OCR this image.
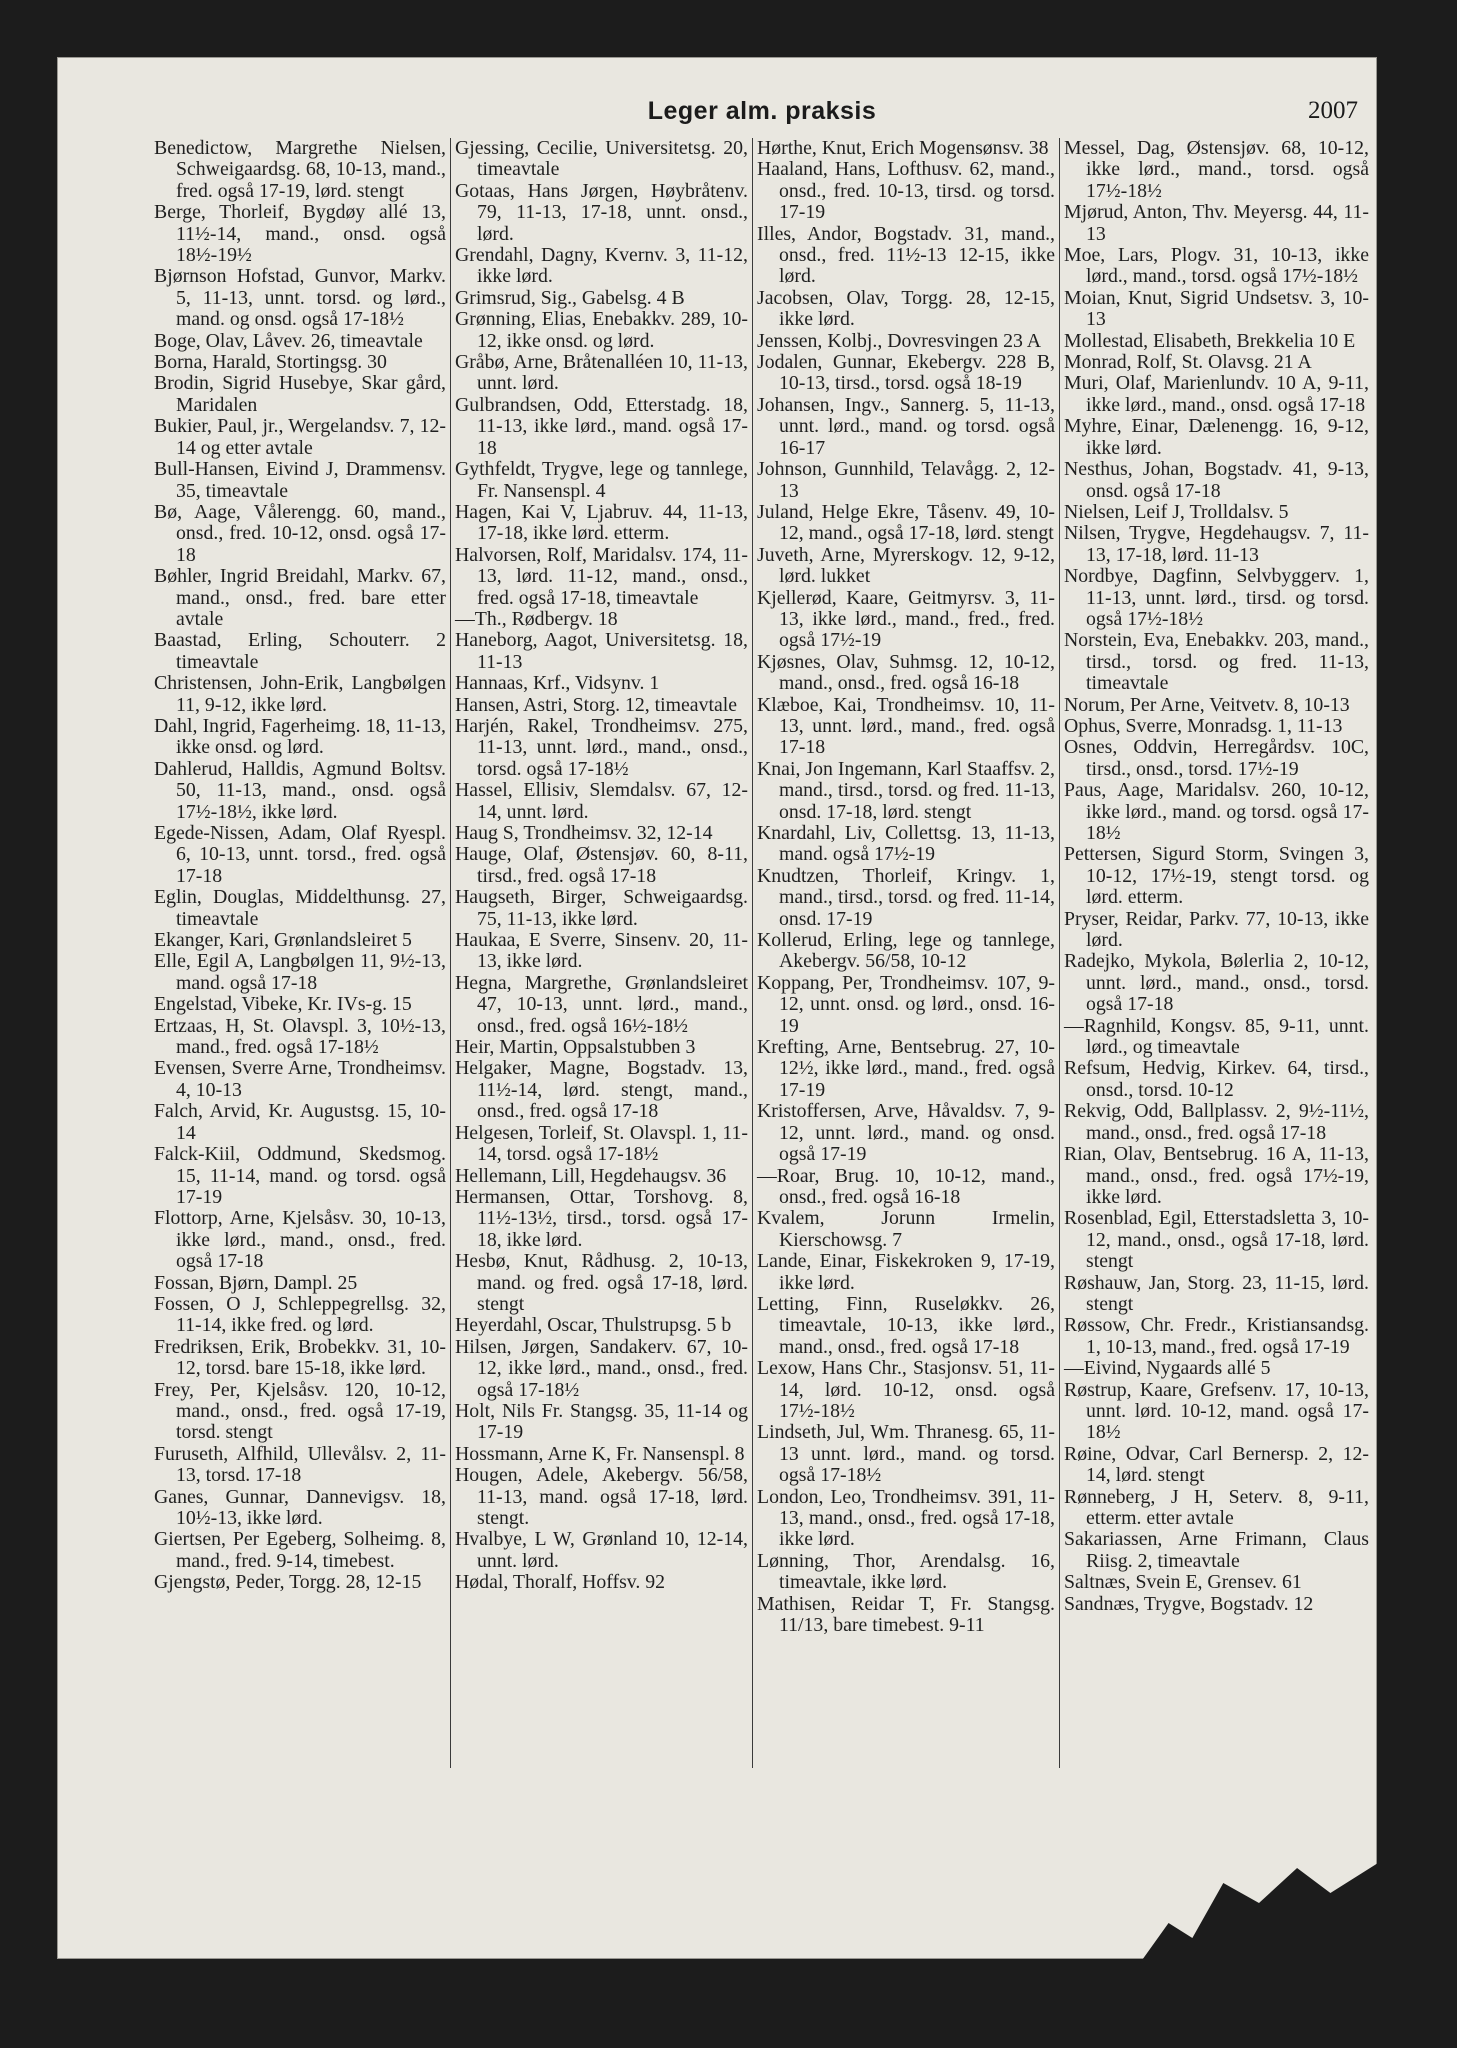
Leger alm. praksis	2007

Benedictow, Margrethe Nielsen, Schweigaardsg. 68, 10-13, mand., fred. også 17-19, lørd. stengt

Berge, Thorleif, Bygdøy allé 13, 11½-14, mand., onsd. også 18½-19½

Bjørnson Hofstad, Gunvor, Markv. 5, 11-13, unnt. torsd. og lørd., mand. og onsd. også 17-18½

Boge, Olav, Låvev. 26, timeavtale

Borna, Harald, Stortingsg. 30

Brodin, Sigrid Husebye, Skar gård, Maridalen

Bukier, Paul, jr., Wergelandsv. 7, 12-14 og etter avtale

Bull-Hansen, Eivind J, Drammensv. 35, timeavtale

Bø, Aage, Vålerengg. 60, mand., onsd., fred. 10-12, onsd. også 17-18

Bøhler, Ingrid Breidahl, Markv. 67, mand., onsd., fred. bare etter avtale

Baastad, Erling, Schouterr. 2 timeavtale

Christensen, John-Erik, Langbølgen 11, 9-12, ikke lørd.

Dahl, Ingrid, Fagerheimg. 18, 11-13, ikke onsd. og lørd.

Dahlerud, Halldis, Agmund Boltsv. 50, 11-13, mand., onsd. også 17½-18½, ikke lørd.

Egede-Nissen, Adam, Olaf Ryespl. 6, 10-13, unnt. torsd., fred. også 17-18

Eglin, Douglas, Middelthunsg. 27, timeavtale

Ekanger, Kari, Grønlandsleiret 5

Elle, Egil A, Langbølgen 11, 9½-13, mand. også 17-18

Engelstad, Vibeke, Kr. IVs-g. 15

Ertzaas, H, St. Olavspl. 3, 10½-13, mand., fred. også 17-18½

Evensen, Sverre Arne, Trondheimsv. 4, 10-13

Falch, Arvid, Kr. Augustsg. 15, 10-14

Falck-Kiil, Oddmund, Skedsmog. 15, 11-14, mand. og torsd. også 17-19

Flottorp, Arne, Kjelsåsv. 30, 10-13, ikke lørd., mand., onsd., fred. også 17-18

Fossan, Bjørn, Dampl. 25

Fossen, O J, Schleppegrellsg. 32, 11-14, ikke fred. og lørd.

Fredriksen, Erik, Brobekkv. 31, 10-12, torsd. bare 15-18, ikke lørd.

Frey, Per, Kjelsåsv. 120, 10-12, mand., onsd., fred. også 17-19, torsd. stengt

Furuseth, Alfhild, Ullevålsv. 2, 11-13, torsd. 17-18

Ganes, Gunnar, Dannevigsv. 18, 10½-13, ikke lørd.

Giertsen, Per Egeberg, Solheimg. 8, mand., fred. 9-14, timebest.

Gjengstø, Peder, Torgg. 28, 12-15

Gjessing, Cecilie, Universitetsg. 20, timeavtale

Gotaas, Hans Jørgen, Høybråtenv. 79, 11-13, 17-18, unnt. onsd., lørd.

Grendahl, Dagny, Kvernv. 3, 11-12, ikke lørd.

Grimsrud, Sig., Gabelsg. 4 B

Grønning, Elias, Enebakkv. 289, 10-12, ikke onsd. og lørd.

Gråbø, Arne, Bråtenalléen 10, 11-13, unnt. lørd.

Gulbrandsen, Odd, Etterstadg. 18, 11-13, ikke lørd., mand. også 17-18

Gythfeldt, Trygve, lege og tannlege, Fr. Nansenspl. 4

Hagen, Kai V, Ljabruv. 44, 11-13, 17-18, ikke lørd. etterm.

Halvorsen, Rolf, Maridalsv. 174, 11-13, lørd. 11-12, mand., onsd., fred. også 17-18, timeavtale

—Th., Rødbergv. 18

Haneborg, Aagot, Universitetsg. 18, 11-13

Hannaas, Krf., Vidsynv. 1

Hansen, Astri, Storg. 12, timeavtale

Harjén, Rakel, Trondheimsv. 275, 11-13, unnt. lørd., mand., onsd., torsd. også 17-18½

Hassel, Ellisiv, Slemdalsv. 67, 12-14, unnt. lørd.

Haug S, Trondheimsv. 32, 12-14

Hauge, Olaf, Østensjøv. 60, 8-11, tirsd., fred. også 17-18

Haugseth, Birger, Schweigaardsg. 75, 11-13, ikke lørd.

Haukaa, E Sverre, Sinsenv. 20, 11-13, ikke lørd.

Hegna, Margrethe, Grønlandsleiret 47, 10-13, unnt. lørd., mand., onsd., fred. også 16½-18½

Heir, Martin, Oppsalstubben 3

Helgaker, Magne, Bogstadv. 13, 11½-14, lørd. stengt, mand., onsd., fred. også 17-18

Helgesen, Torleif, St. Olavspl. 1, 11-14, torsd. også 17-18½

Hellemann, Lill, Hegdehaugsv. 36

Hermansen, Ottar, Torshovg. 8, 11½-13½, tirsd., torsd. også 17-18, ikke lørd.

Hesbø, Knut, Rådhusg. 2, 10-13, mand. og fred. også 17-18, lørd. stengt

Heyerdahl, Oscar, Thulstrupsg. 5 b

Hilsen, Jørgen, Sandakerv. 67, 10-12, ikke lørd., mand., onsd., fred. også 17-18½

Holt, Nils Fr. Stangsg. 35, 11-14 og 17-19

Hossmann, Arne K, Fr. Nansenspl. 8

Hougen, Adele, Akebergv. 56/58, 11-13, mand. også 17-18, lørd. stengt.

Hvalbye, L W, Grønland 10, 12-14, unnt. lørd.

Hødal, Thoralf, Hoffsv. 92

Hørthe, Knut, Erich Mogensønsv. 38

Haaland, Hans, Lofthusv. 62, mand., onsd., fred. 10-13, tirsd. og torsd. 17-19

Illes, Andor, Bogstadv. 31, mand., onsd., fred. 11½-13 12-15, ikke lørd.

Jacobsen, Olav, Torgg. 28, 12-15, ikke lørd.

Jenssen, Kolbj., Dovresvingen 23 A

Jodalen, Gunnar, Ekebergv. 228 B, 10-13, tirsd., torsd. også 18-19

Johansen, Ingv., Sannerg. 5, 11-13, unnt. lørd., mand. og torsd. også 16-17

Johnson, Gunnhild, Telavågg. 2, 12-13

Juland, Helge Ekre, Tåsenv. 49, 10-12, mand., også 17-18, lørd. stengt

Juveth, Arne, Myrerskogv. 12, 9-12, lørd. lukket

Kjellerød, Kaare, Geitmyrsv. 3, 11-13, ikke lørd., mand., fred., fred. også 17½-19

Kjøsnes, Olav, Suhmsg. 12, 10-12, mand., onsd., fred. også 16-18

Klæboe, Kai, Trondheimsv. 10, 11-13, unnt. lørd., mand., fred. også 17-18

Knai, Jon Ingemann, Karl Staaffsv. 2, mand., tirsd., torsd. og fred. 11-13, onsd. 17-18, lørd. stengt

Knardahl, Liv, Collettsg. 13, 11-13, mand. også 17½-19

Knudtzen, Thorleif, Kringv. 1, mand., tirsd., torsd. og fred. 11-14, onsd. 17-19

Kollerud, Erling, lege og tannlege, Akebergv. 56/58, 10-12

Koppang, Per, Trondheimsv. 107, 9-12, unnt. onsd. og lørd., onsd. 16-19

Krefting, Arne, Bentsebrug. 27, 10-12½, ikke lørd., mand., fred. også 17-19

Kristoffersen, Arve, Håvaldsv. 7, 9-12, unnt. lørd., mand. og onsd. også 17-19

—Roar, Brug. 10, 10-12, mand., onsd., fred. også 16-18

Kvalem, Jorunn Irmelin, Kierschowsg. 7

Lande, Einar, Fiskekroken 9, 17-19, ikke lørd.

Letting, Finn, Ruseløkkv. 26, timeavtale, 10-13, ikke lørd., mand., onsd., fred. også 17-18

Lexow, Hans Chr., Stasjonsv. 51, 11-14, lørd. 10-12, onsd. også 17½-18½

Lindseth, Jul, Wm. Thranesg. 65, 11-13 unnt. lørd., mand. og torsd. også 17-18½

London, Leo, Trondheimsv. 391, 11-13, mand., onsd., fred. også 17-18, ikke lørd.

Lønning, Thor, Arendalsg. 16, timeavtale, ikke lørd.

Mathisen, Reidar T, Fr. Stangsg. 11/13, bare timebest. 9-11

Messel, Dag, Østensjøv. 68, 10-12, ikke lørd., mand., torsd. også 17½-18½

Mjørud, Anton, Thv. Meyersg. 44, 11-13

Moe, Lars, Plogv. 31, 10-13, ikke lørd., mand., torsd. også 17½-18½

Moian, Knut, Sigrid Undsetsv. 3, 10-13

Mollestad, Elisabeth, Brekkelia 10 E

Monrad, Rolf, St. Olavsg. 21 A

Muri, Olaf, Marienlundv. 10 A, 9-11, ikke lørd., mand., onsd. også 17-18

Myhre, Einar, Dælenengg. 16, 9-12, ikke lørd.

Nesthus, Johan, Bogstadv. 41, 9-13, onsd. også 17-18

Nielsen, Leif J, Trolldalsv. 5

Nilsen, Trygve, Hegdehaugsv. 7, 11-13, 17-18, lørd. 11-13

Nordbye, Dagfinn, Selvbyggerv. 1, 11-13, unnt. lørd., tirsd. og torsd. også 17½-18½

Norstein, Eva, Enebakkv. 203, mand., tirsd., torsd. og fred. 11-13, timeavtale

Norum, Per Arne, Veitvetv. 8, 10-13

Ophus, Sverre, Monradsg. 1, 11-13

Osnes, Oddvin, Herregårdsv. 10C, tirsd., onsd., torsd. 17½-19

Paus, Aage, Maridalsv. 260, 10-12, ikke lørd., mand. og torsd. også 17-18½

Pettersen, Sigurd Storm, Svingen 3, 10-12, 17½-19, stengt torsd. og lørd. etterm.

Pryser, Reidar, Parkv. 77, 10-13, ikke lørd.

Radejko, Mykola, Bølerlia 2, 10-12, unnt. lørd., mand., onsd., torsd. også 17-18

—Ragnhild, Kongsv. 85, 9-11, unnt. lørd., og timeavtale

Refsum, Hedvig, Kirkev. 64, tirsd., onsd., torsd. 10-12

Rekvig, Odd, Ballplassv. 2, 9½-11½, mand., onsd., fred. også 17-18

Rian, Olav, Bentsebrug. 16 A, 11-13, mand., onsd., fred. også 17½-19, ikke lørd.

Rosenblad, Egil, Etterstadsletta 3, 10-12, mand., onsd., også 17-18, lørd. stengt

Røshauw, Jan, Storg. 23, 11-15, lørd. stengt

Røssow, Chr. Fredr., Kristiansandsg. 1, 10-13, mand., fred. også 17-19

—Eivind, Nygaards allé 5

Røstrup, Kaare, Grefsenv. 17, 10-13, unnt. lørd. 10-12, mand. også 17-18½

Røine, Odvar, Carl Bernersp. 2, 12-14, lørd. stengt

Rønneberg, J H, Seterv. 8, 9-11, etterm. etter avtale

Sakariassen, Arne Frimann, Claus Riisg. 2, timeavtale

Saltnæs, Svein E, Grensev. 61

Sandnæs, Trygve, Bogstadv. 12
